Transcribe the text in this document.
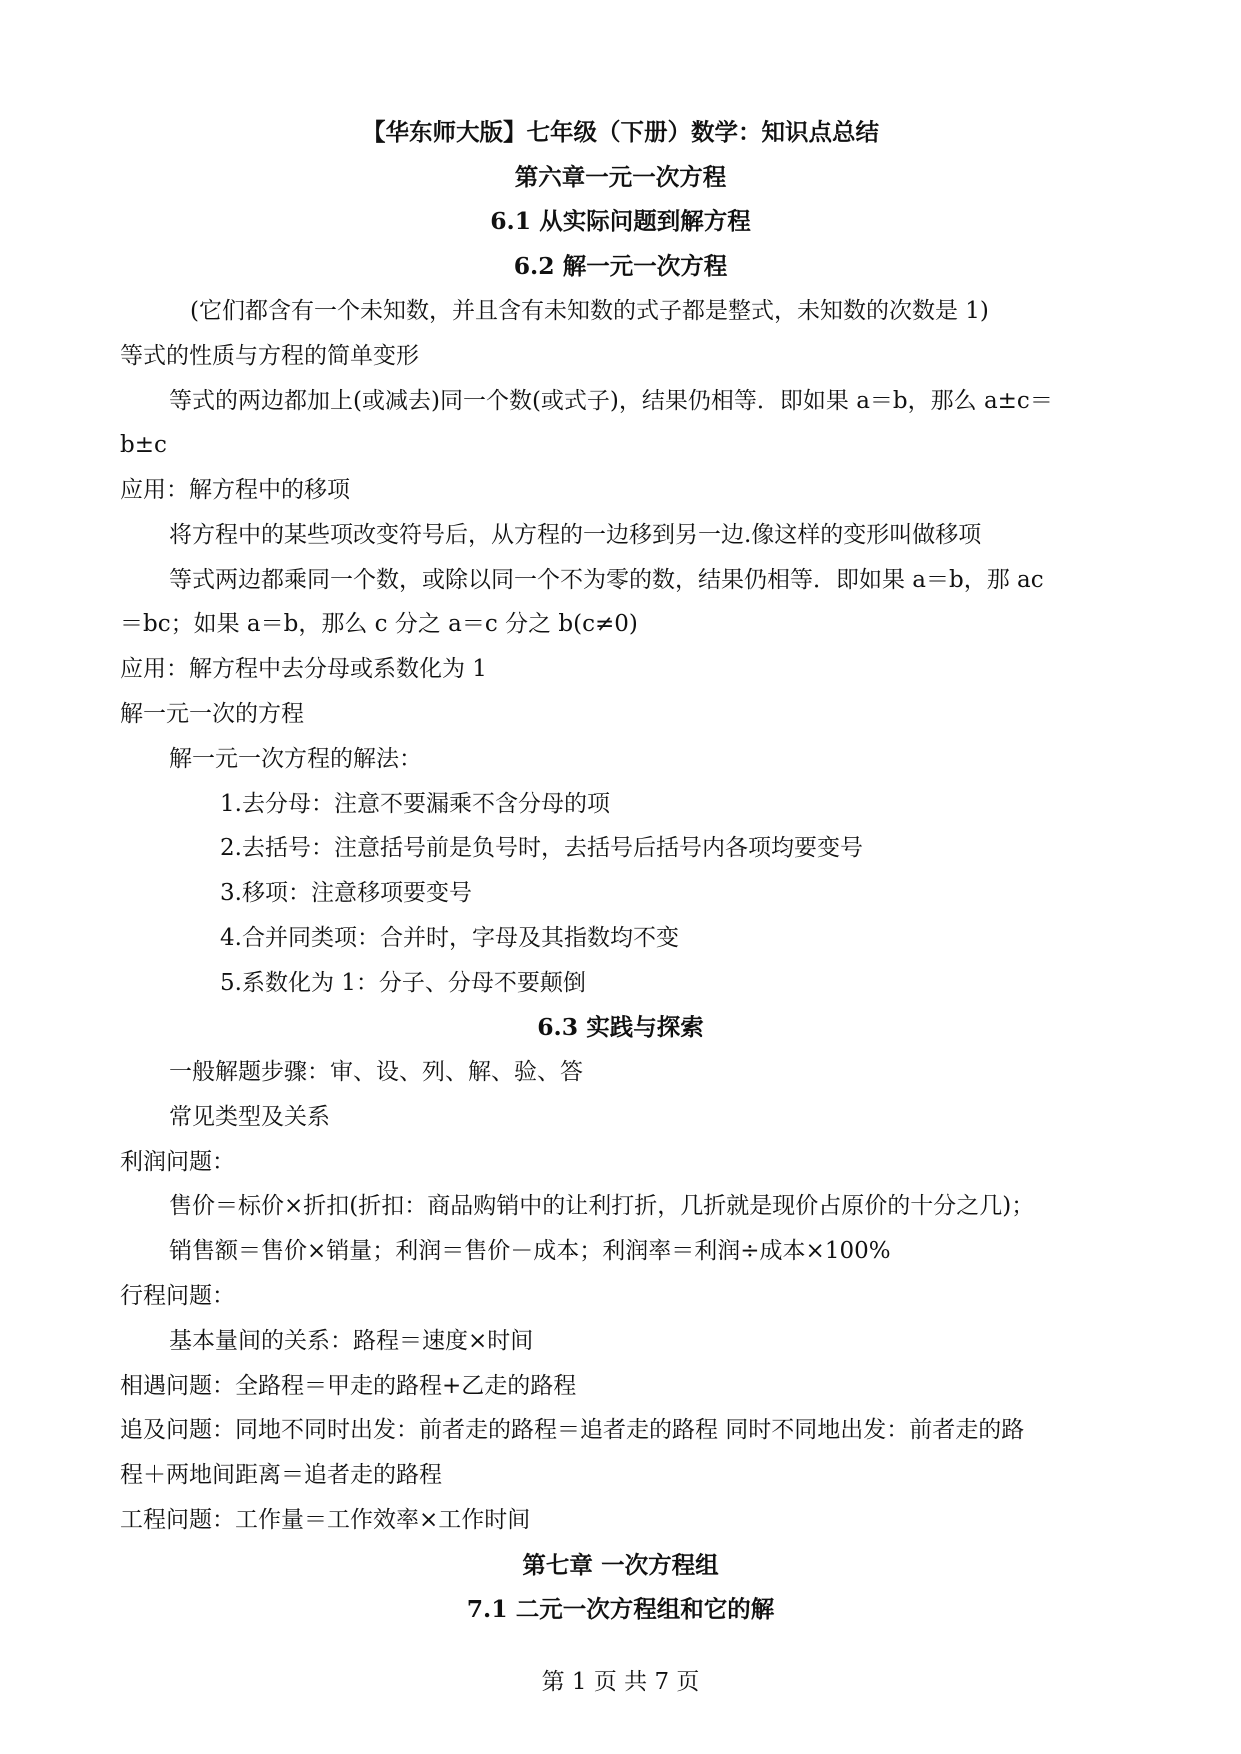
【华东师大版】七年级（下册）数学：知识点总结
第六章一元一次方程
6.1 从实际问题到解方程
6.2 解一元一次方程
(它们都含有一个未知数，并且含有未知数的式子都是整式，未知数的次数是 1)
等式的性质与方程的简单变形
等式的两边都加上(或减去)同一个数(或式子)，结果仍相等．即如果 a＝b，那么 a±c＝
b±c
应用：解方程中的移项
将方程中的某些项改变符号后，从方程的一边移到另一边.像这样的变形叫做移项
等式两边都乘同一个数，或除以同一个不为零的数，结果仍相等．即如果 a＝b，那 ac
＝bc；如果 a＝b，那么 c 分之 a＝c 分之 b(c≠0)
应用：解方程中去分母或系数化为 1
解一元一次的方程
解一元一次方程的解法：
1.去分母：注意不要漏乘不含分母的项
2.去括号：注意括号前是负号时，去括号后括号内各项均要变号
3.移项：注意移项要变号
4.合并同类项：合并时，字母及其指数均不变
5.系数化为 1：分子、分母不要颠倒
6.3 实践与探索
一般解题步骤：审、设、列、解、验、答
常见类型及关系
利润问题：
售价＝标价×折扣(折扣：商品购销中的让利打折，几折就是现价占原价的十分之几)；
销售额＝售价×销量；利润＝售价－成本；利润率＝利润÷成本×100%
行程问题：
基本量间的关系：路程＝速度×时间
相遇问题：全路程＝甲走的路程+乙走的路程
追及问题：同地不同时出发：前者走的路程＝追者走的路程 同时不同地出发：前者走的路
程＋两地间距离＝追者走的路程
工程问题：工作量＝工作效率×工作时间
第七章 一次方程组
7.1 二元一次方程组和它的解
第 1 页 共 7 页
